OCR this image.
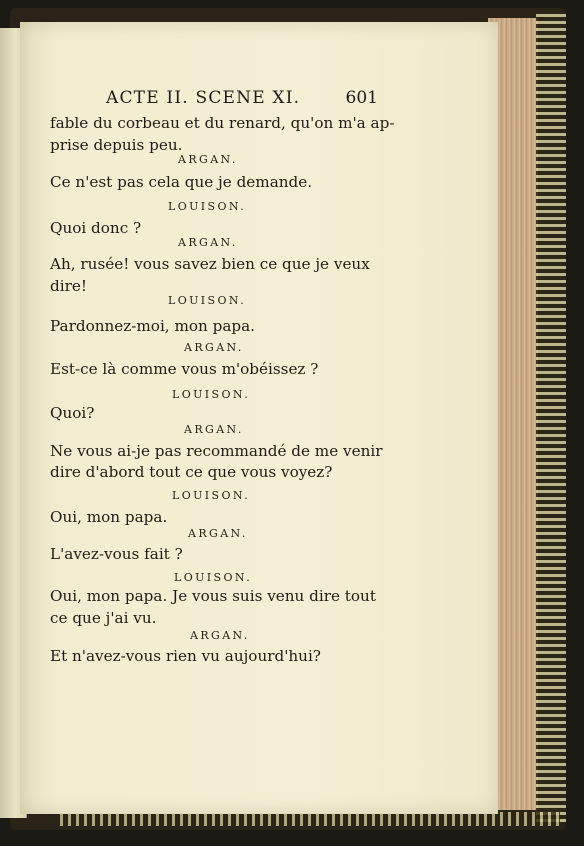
ACTE II. SCENE XI.	601
fable du corbeau et du renard, qu'on m'a ap-
prise depuis peu.
ARGAN.
Ce n'est pas cela que je demande.
LOUISON.
Quoi donc ?
ARGAN.
Ah, rusée! vous savez bien ce que je veux
dire!
LOUISON.
Pardonnez-moi, mon papa.
ARGAN.
Est-ce là comme vous m'obéissez ?
LOUISON.
Quoi?
ARGAN.
Ne vous ai-je pas recommandé de me venir
dire d'abord tout ce que vous voyez?
LOUISON.
Oui, mon papa.
ARGAN.
L'avez-vous fait ?
LOUISON.
Oui, mon papa. Je vous suis venu dire tout
ce que j'ai vu.
ARGAN.
Et n'avez-vous rien vu aujourd'hui?
